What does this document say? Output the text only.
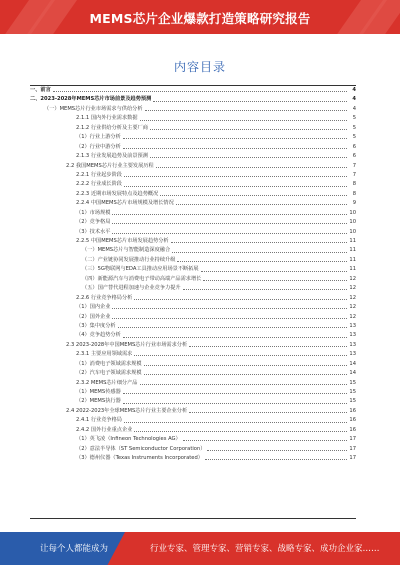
MEMS芯片企业爆款打造策略研究报告
内容目录
一、前言	4
二、2023-2028年MEMS芯片市场前景及趋势预测	4
（一）MEMS芯片行业市场需求与供给分析	4
2.1.1 国内外行业需求数据	5
2.1.2 行业供给分析及主要厂商	5
（1）行业上游分析	5
（2）行业中游分析	6
2.1.3 行业发展趋势及前景预测	6
2.2 我国MEMS芯片行业主要发展历程	7
2.2.1 行业起步阶段	7
2.2.2 行业成长阶段	8
2.2.3 近期市场发展特点及趋势概况	8
2.2.4 中国MEMS芯片市场规模及增长情况	9
（1）市场规模	10
（2）竞争格局	10
（3）技术水平	10
2.2.5 中国MEMS芯片市场发展趋势分析	11
（一）MEMS芯片与智能制造深度融合	11
（二）产业链协同发展推动行业持续升级	11
（三）5G物联网与EDA工具推动应用场景不断拓展	11
（四）新能源汽车与消费电子带动高端产品需求增长	12
（五）国产替代进程加速与企业竞争力提升	12
2.2.6 行业竞争格局分析	12
（1）国内企业	12
（2）国外企业	12
（3）集中度分析	13
（4）竞争趋势分析	13
2.3 2023-2028年中国MEMS芯片行业市场需求分析	13
2.3.1 主要应用领域需求	13
（1）消费电子领域需求规模	14
（2）汽车电子领域需求规模	14
2.3.2 MEMS芯片细分产品	15
（1）MEMS传感器	15
（2）MEMS执行器	15
2.4 2022-2023年全球MEMS芯片行业主要企业分析	16
2.4.1 行业竞争格局	16
2.4.2 国外行业重点企业	16
（1）英飞凌（Infineon Technologies AG）	17
（2）意法半导体（ST Semiconductor Corporation）	17
（3）德州仪器（Texas Instruments Incorporated）	17
让每个人都能成为	行业专家、管理专家、营销专家、战略专家、成功企业家……
